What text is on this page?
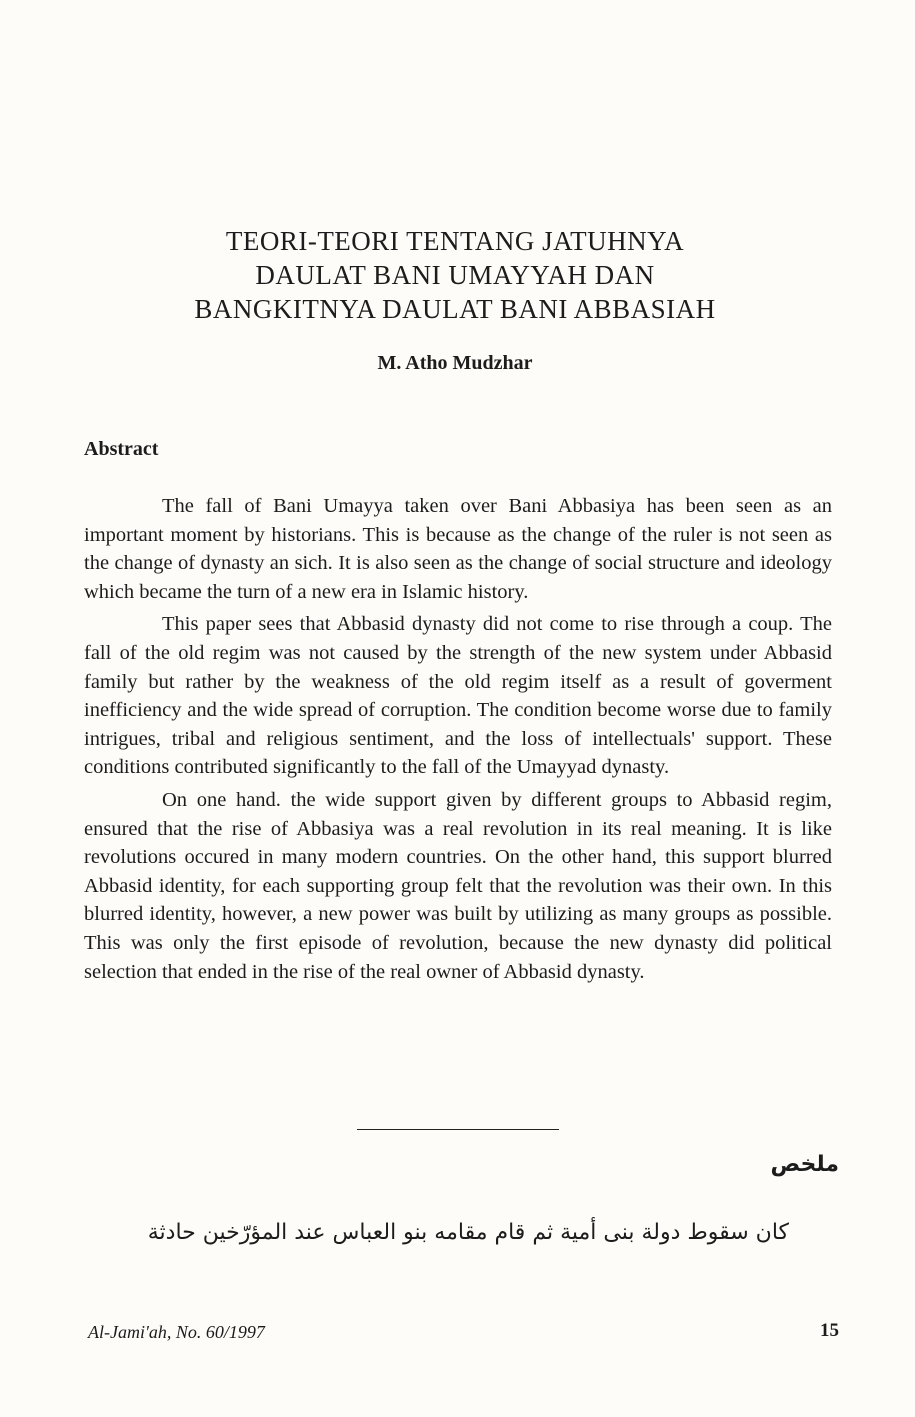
TEORI-TEORI TENTANG JATUHNYA
DAULAT BANI UMAYYAH DAN
BANGKITNYA DAULAT BANI ABBASIAH
M. Atho Mudzhar
Abstract

The fall of Bani Umayya taken over Bani Abbasiya has been seen as an important moment by historians. This is because as the change of the ruler is not seen as the change of dynasty an sich. It is also seen as the change of social structure and ideology which became the turn of a new era in Islamic history.

This paper sees that Abbasid dynasty did not come to rise through a coup. The fall of the old regim was not caused by the strength of the new system under Abbasid family but rather by the weakness of the old regim itself as a result of goverment inefficiency and the wide spread of corruption. The condition become worse due to family intrigues, tribal and religious sentiment, and the loss of intellectuals' support. These conditions contributed significantly to the fall of the Umayyad dynasty.

On one hand. the wide support given by different groups to Abbasid regim, ensured that the rise of Abbasiya was a real revolution in its real meaning. It is like revolutions occured in many modern countries. On the other hand, this support blurred Abbasid identity, for each supporting group felt that the revolution was their own. In this blurred identity, however, a new power was built by utilizing as many groups as possible. This was only the first episode of revolution, because the new dynasty did political selection that ended in the rise of the real owner of Abbasid dynasty.

ملخص
كان سقوط دولة بنى أمية ثم قام مقامه بنو العباس عند المؤرّخين حادثة
Al-Jami'ah, No. 60/1997	15
